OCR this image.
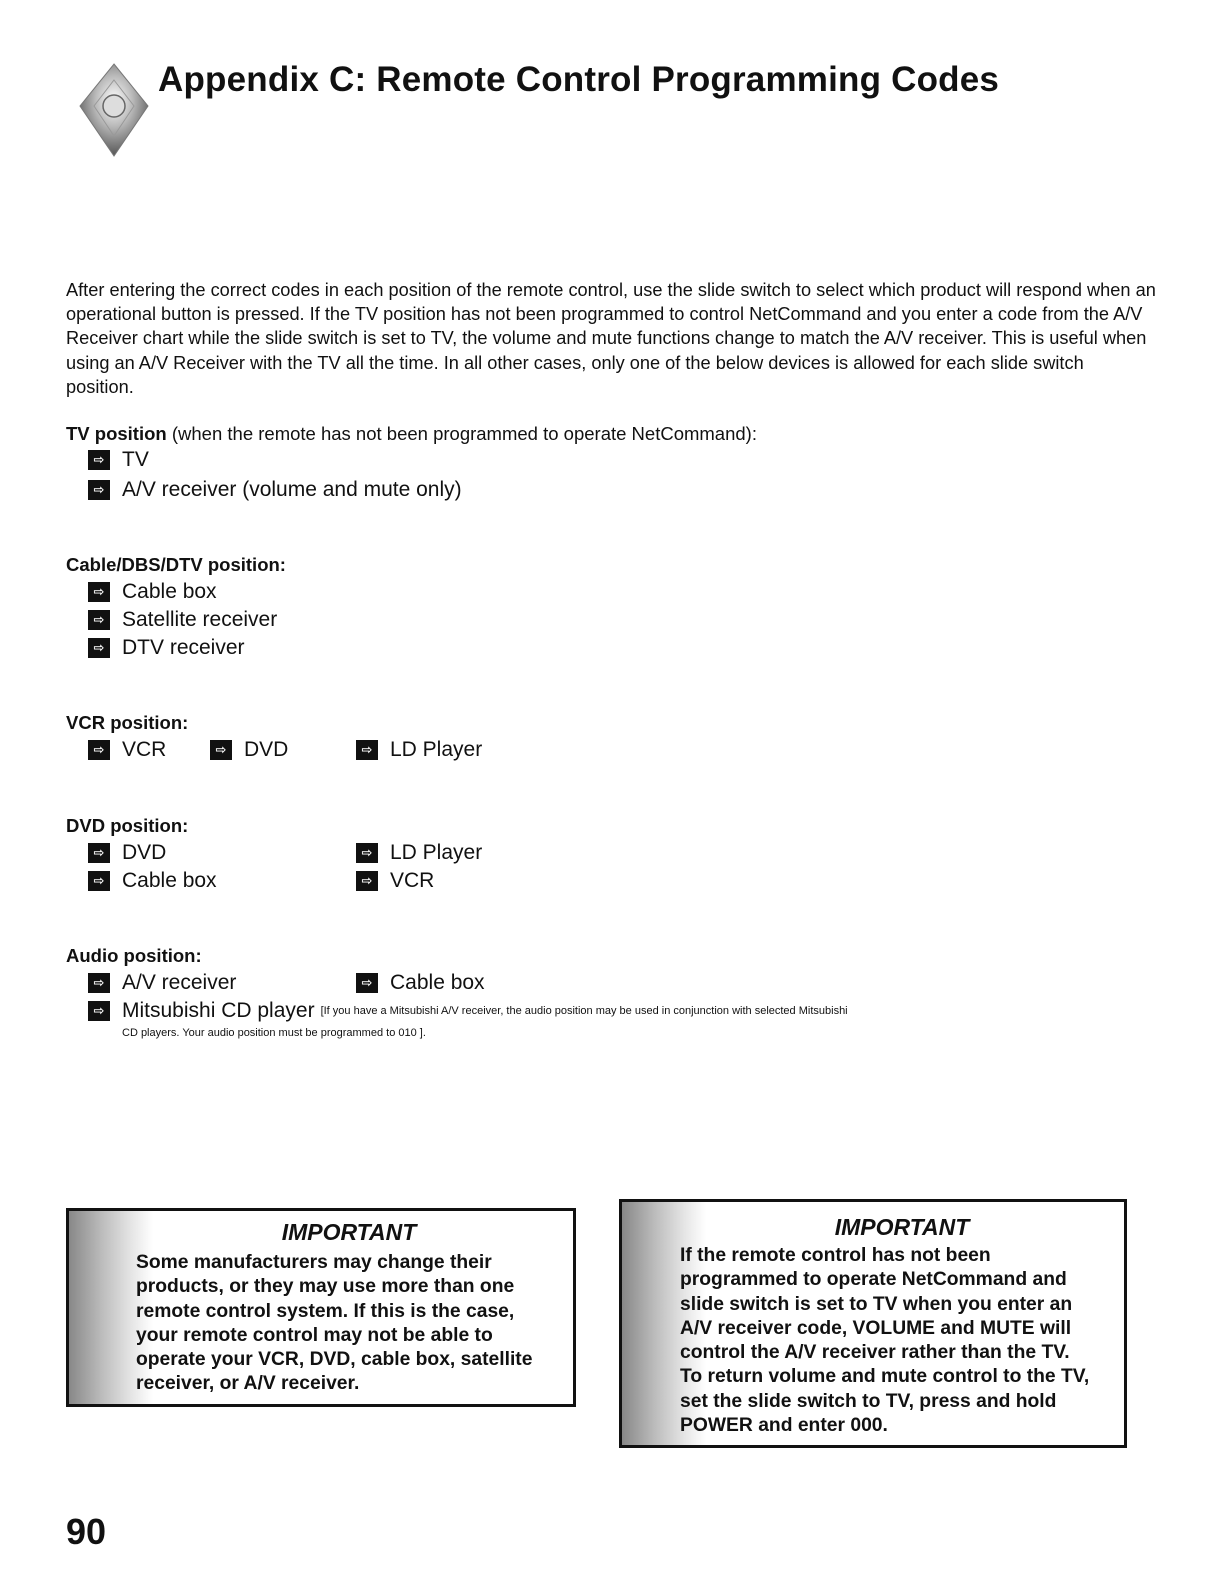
Appendix C: Remote Control Programming Codes

After entering the correct codes in each position of the remote control, use the slide switch to select which product will respond when an operational button is pressed. If the TV position has not been programmed to control NetCommand and you enter a code from the A/V Receiver chart while the slide switch is set to TV, the volume and mute functions change to match the A/V receiver. This is useful when using an A/V Receiver with the TV all the time. In all other cases, only one of the below devices is allowed for each slide switch position.

TV position (when the remote has not been programmed to operate NetCommand):
⇨ TV
⇨ A/V receiver (volume and mute only)
Cable/DBS/DTV position:
⇨ Cable box
⇨ Satellite receiver
⇨ DTV receiver
VCR position:
⇨ VCR	⇨ DVD	⇨ LD Player
DVD position:
⇨ DVD	⇨ LD Player
⇨ Cable box	⇨ VCR
Audio position:
⇨ A/V receiver	⇨ Cable box
⇨ Mitsubishi CD player [If you have a Mitsubishi A/V receiver, the audio position may be used in conjunction with selected Mitsubishi
CD players. Your audio position must be programmed to 010 ].
IMPORTANT
Some manufacturers may change their
products, or they may use more than one
remote control system. If this is the case,
your remote control may not be able to
operate your VCR, DVD, cable box, satellite
receiver, or A/V receiver.
IMPORTANT
If the remote control has not been
programmed to operate NetCommand and
slide switch is set to TV when you enter an
A/V receiver code, VOLUME and MUTE will
control the A/V receiver rather than the TV.
To return volume and mute control to the TV,
set the slide switch to TV, press and hold
POWER and enter 000.
90
